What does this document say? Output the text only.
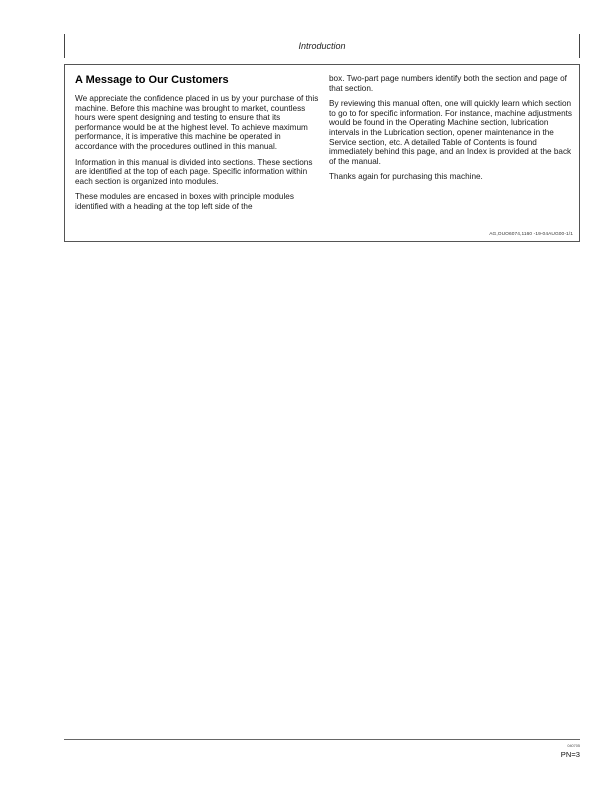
Introduction
A Message to Our Customers

We appreciate the confidence placed in us by your purchase of this machine. Before this machine was brought to market, countless hours were spent designing and testing to ensure that its performance would be at the highest level. To achieve maximum performance, it is imperative this machine be operated in accordance with the procedures outlined in this manual.

Information in this manual is divided into sections. These sections are identified at the top of each page. Specific information within each section is organized into modules.

These modules are encased in boxes with principle modules identified with a heading at the top left side of the

box. Two-part page numbers identify both the section and page of that section.

By reviewing this manual often, one will quickly learn which section to go to for specific information. For instance, machine adjustments would be found in the Operating Machine section, lubrication intervals in the Lubrication section, opener maintenance in the Service section, etc. A detailed Table of Contents is found immediately behind this page, and an Index is provided at the back of the manual.

Thanks again for purchasing this machine.

AG,OUO6074,1160 -19-04AUG00-1/1
040705
PN=3
